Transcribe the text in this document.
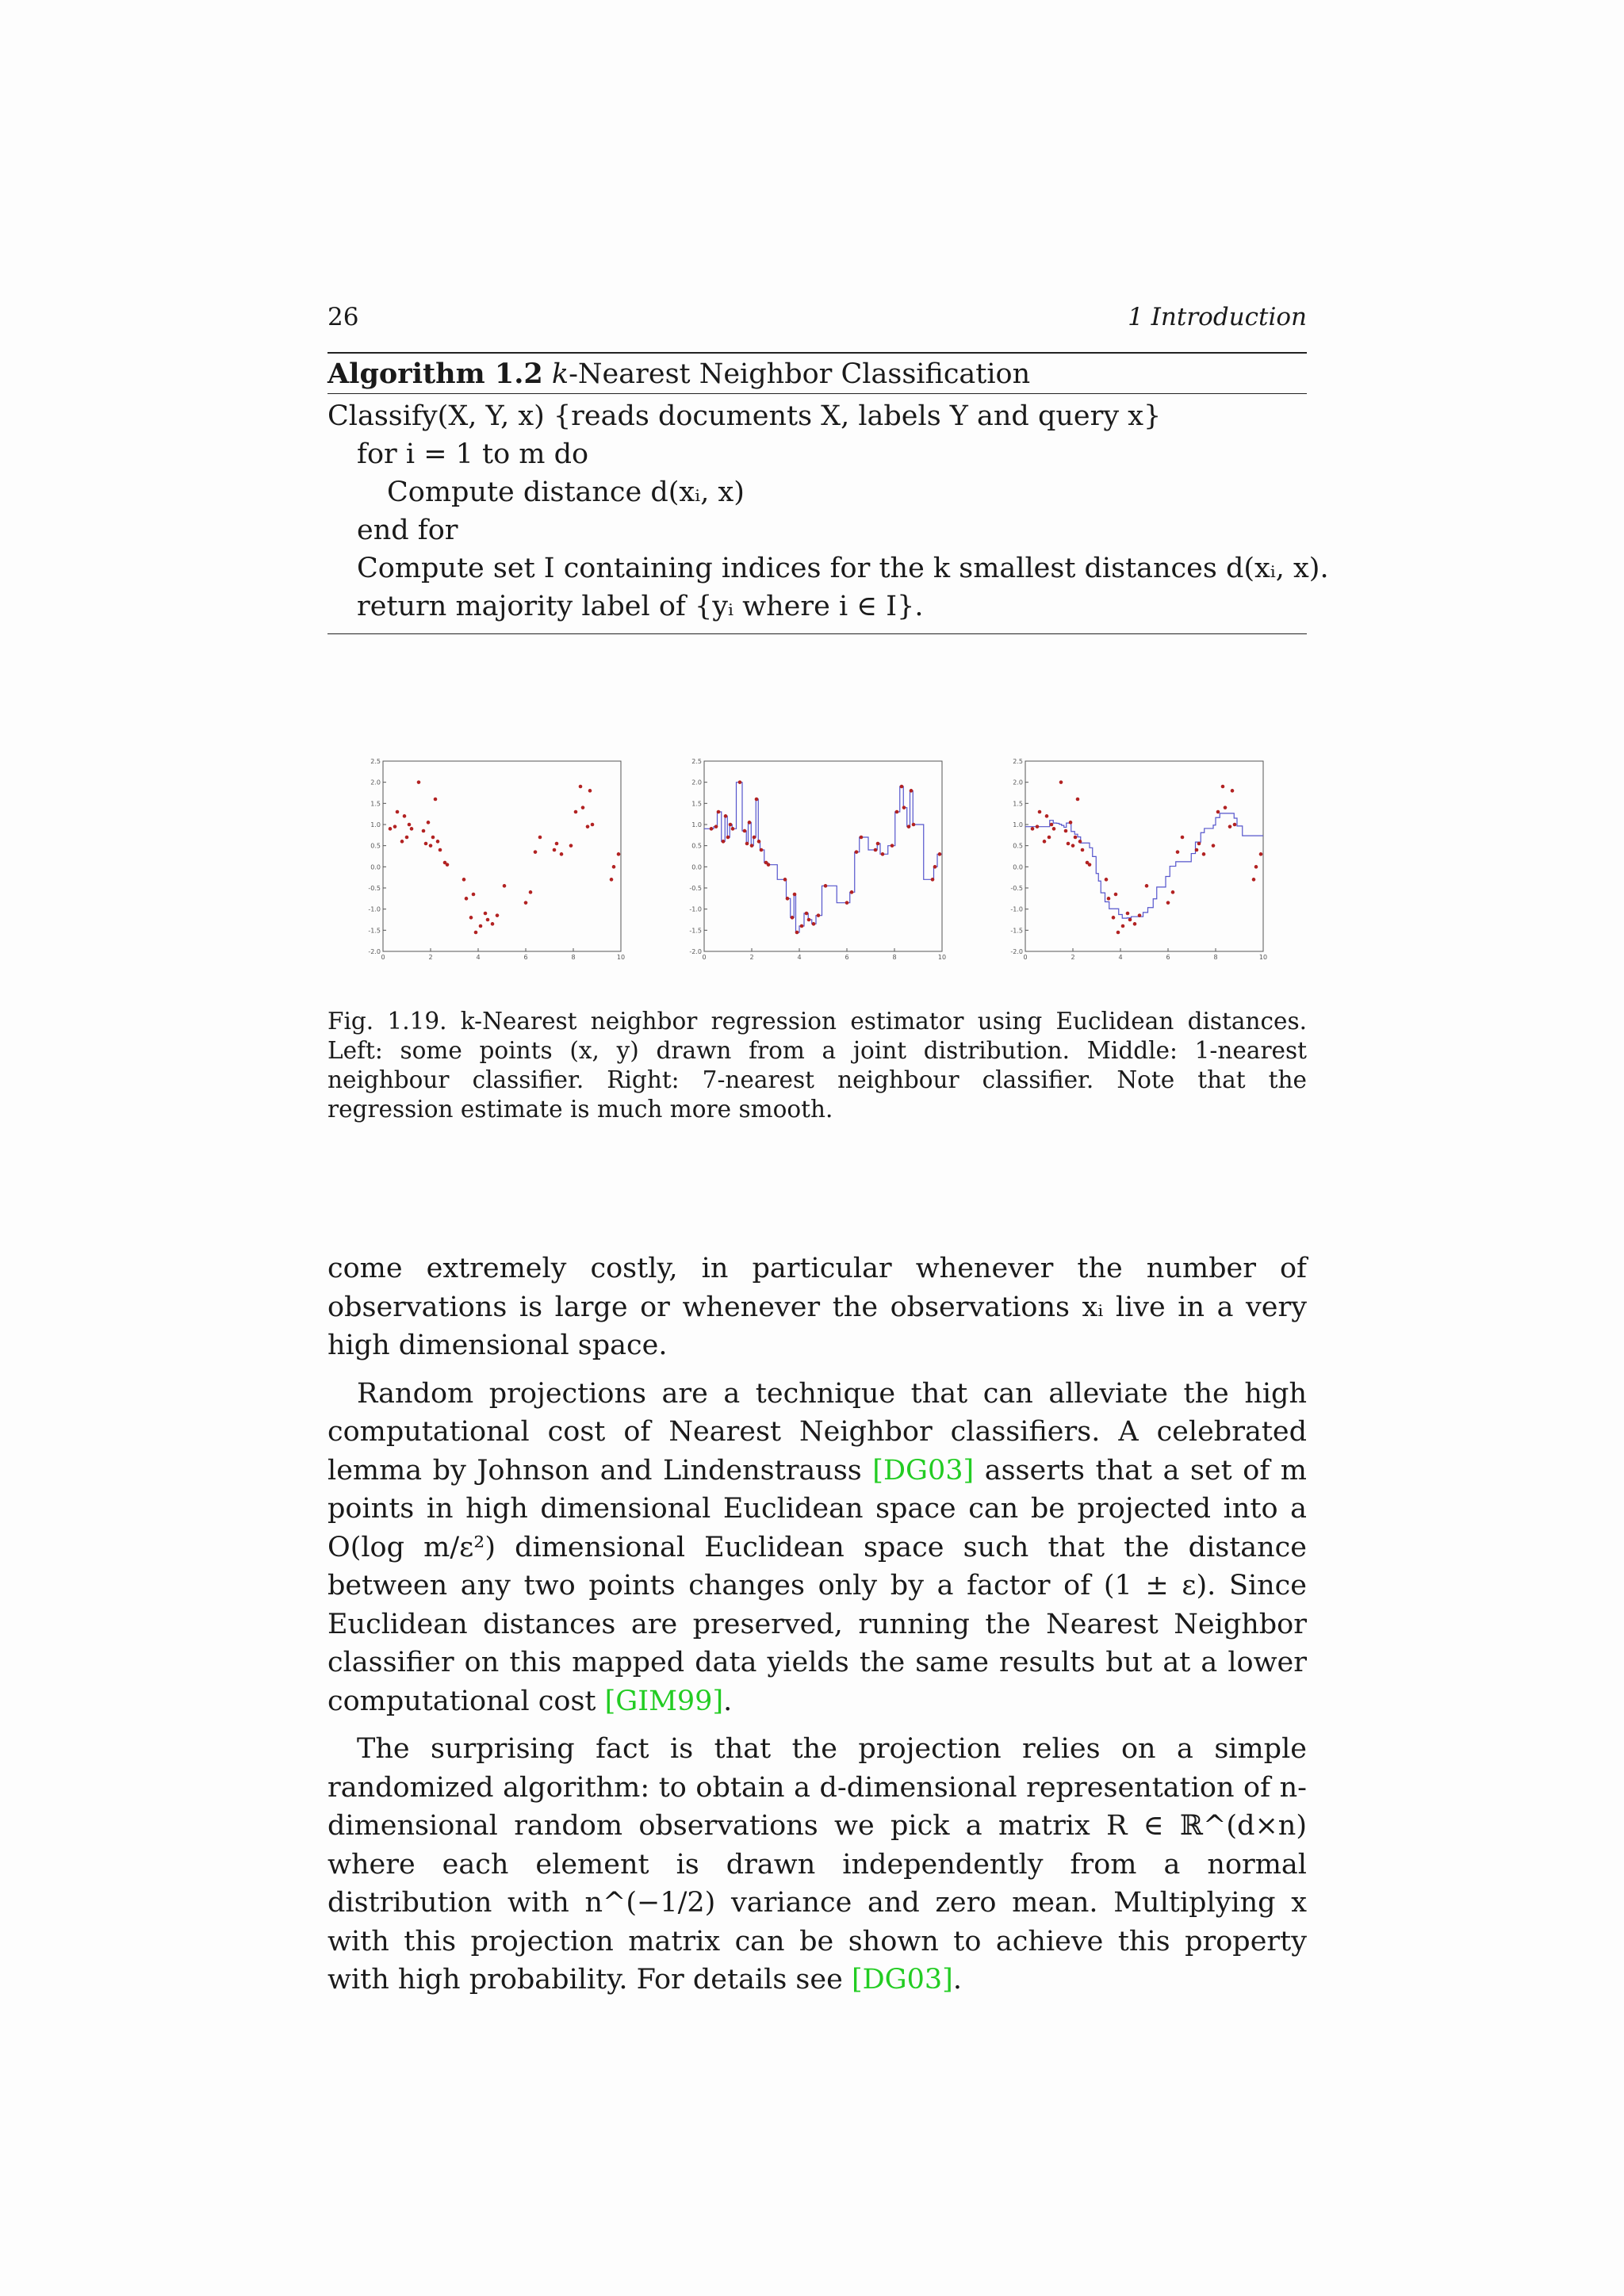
26	1 Introduction
Algorithm 1.2 k-Nearest Neighbor Classification
Classify(X, Y, x) {reads documents X, labels Y and query x}
for i = 1 to m do
Compute distance d(xᵢ, x)
end for
Compute set I containing indices for the k smallest distances d(xᵢ, x).
return majority label of {yᵢ where i ∈ I}.
2.5
2.0
1.5
1.0
0.5
0.0
-0.5
-1.0
-1.5
-2.0
0	2	4	6	8	10
2.5
2.0
1.5
1.0
0.5
0.0
-0.5
-1.0
-1.5
-2.0
0	2	4	6	8	10
2.5
2.0
1.5
1.0
0.5
0.0
-0.5
-1.0
-1.5
-2.0
0	2	4	6	8	10
Fig. 1.19. k-Nearest neighbor regression estimator using Euclidean distances. Left: some points (x, y) drawn from a joint distribution. Middle: 1-nearest neighbour classifier. Right: 7-nearest neighbour classifier. Note that the regression estimate is much more smooth.

come extremely costly, in particular whenever the number of observations is large or whenever the observations xᵢ live in a very high dimensional space.

Random projections are a technique that can alleviate the high computational cost of Nearest Neighbor classifiers. A celebrated lemma by Johnson and Lindenstrauss [DG03] asserts that a set of m points in high dimensional Euclidean space can be projected into a O(log m/ε²) dimensional Euclidean space such that the distance between any two points changes only by a factor of (1 ± ε). Since Euclidean distances are preserved, running the Nearest Neighbor classifier on this mapped data yields the same results but at a lower computational cost [GIM99].

The surprising fact is that the projection relies on a simple randomized algorithm: to obtain a d-dimensional representation of n-dimensional random observations we pick a matrix R ∈ ℝ^(d×n) where each element is drawn independently from a normal distribution with n^(−1/2) variance and zero mean. Multiplying x with this projection matrix can be shown to achieve this property with high probability. For details see [DG03].
